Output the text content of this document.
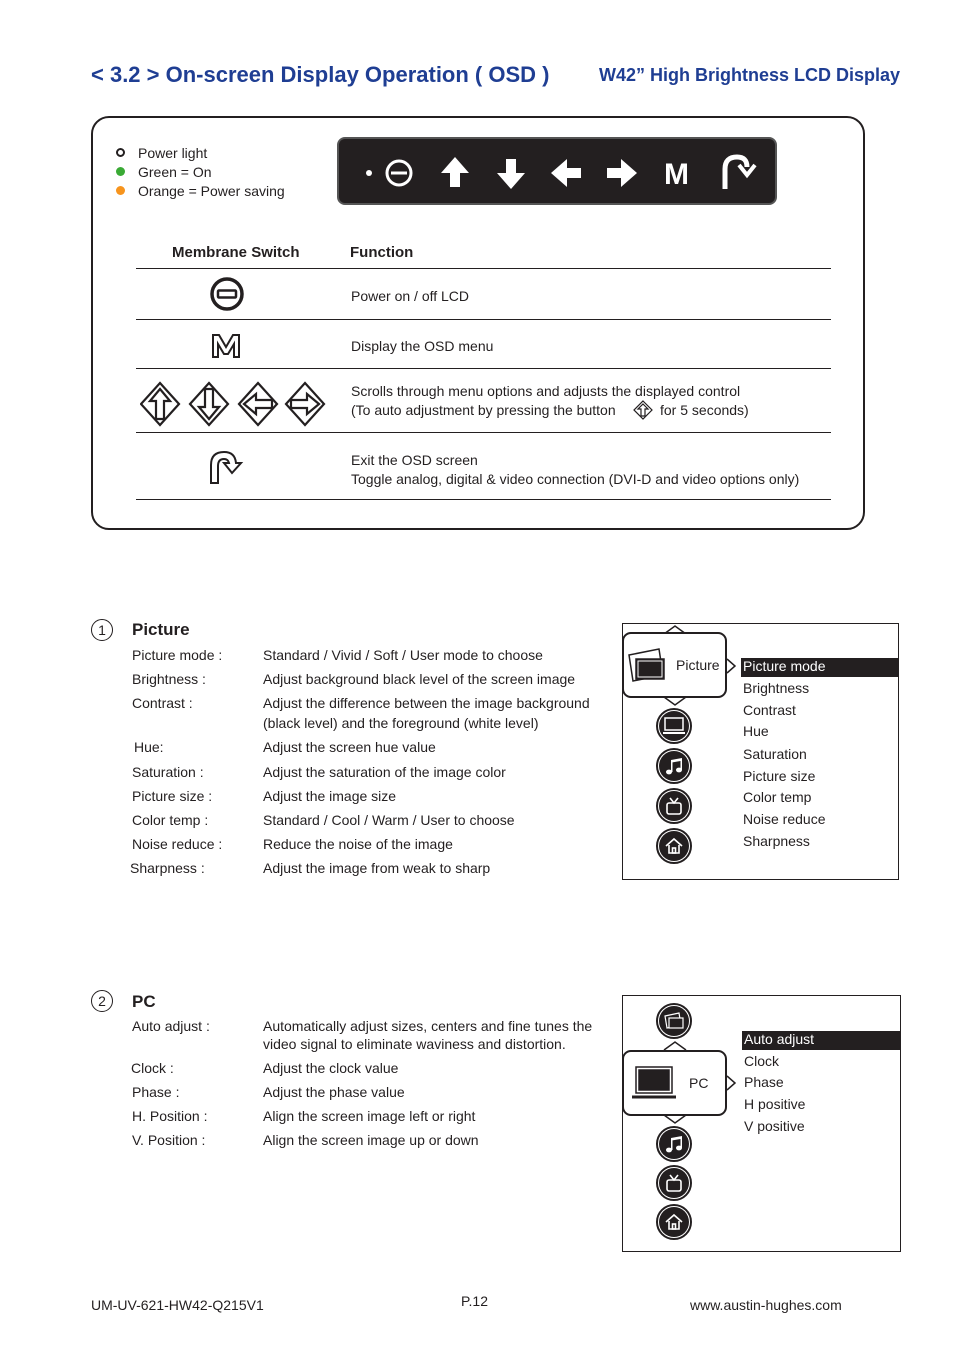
< 3.2 > On-screen Display Operation ( OSD )	W42” High Brightness LCD Display
Power light
Green = On
Orange = Power saving	M
Membrane Switch	Function
Power on / off LCD
Display the OSD menu
Scrolls through menu options and adjusts the displayed control
(To auto adjustment by pressing the button	for 5 seconds)
Exit the OSD screen
Toggle analog, digital & video connection (DVI-D and video options only)
1	Picture
Picture mode :	Standard / Vivid / Soft / User mode to choose
Brightness :	Adjust background black level of the screen image
Contrast :	Adjust the difference between the image background
(black level) and the foreground (white level)
Hue:	Adjust the screen hue value
Saturation :	Adjust the saturation of the image color
Picture size :	Adjust the image size
Color temp :	Standard / Cool / Warm / User to choose
Noise reduce :	Reduce the noise of the image
Sharpness :	Adjust the image from weak to sharp
Picture Picture mode
Brightness
Contrast
Hue
Saturation
Picture size
Color temp
Noise reduce
Sharpness
2	PC
Auto adjust :	Automatically adjust sizes, centers and fine tunes the
video signal to eliminate waviness and distortion.
Clock :	Adjust the clock value
Phase :	Adjust the phase value
H. Position :	Align the screen image left or right
V. Position :	Align the screen image up or down
PC
Auto adjust
Clock
Phase
H positive
V positive
UM-UV-621-HW42-Q215V1	P.12	www.austin-hughes.com
